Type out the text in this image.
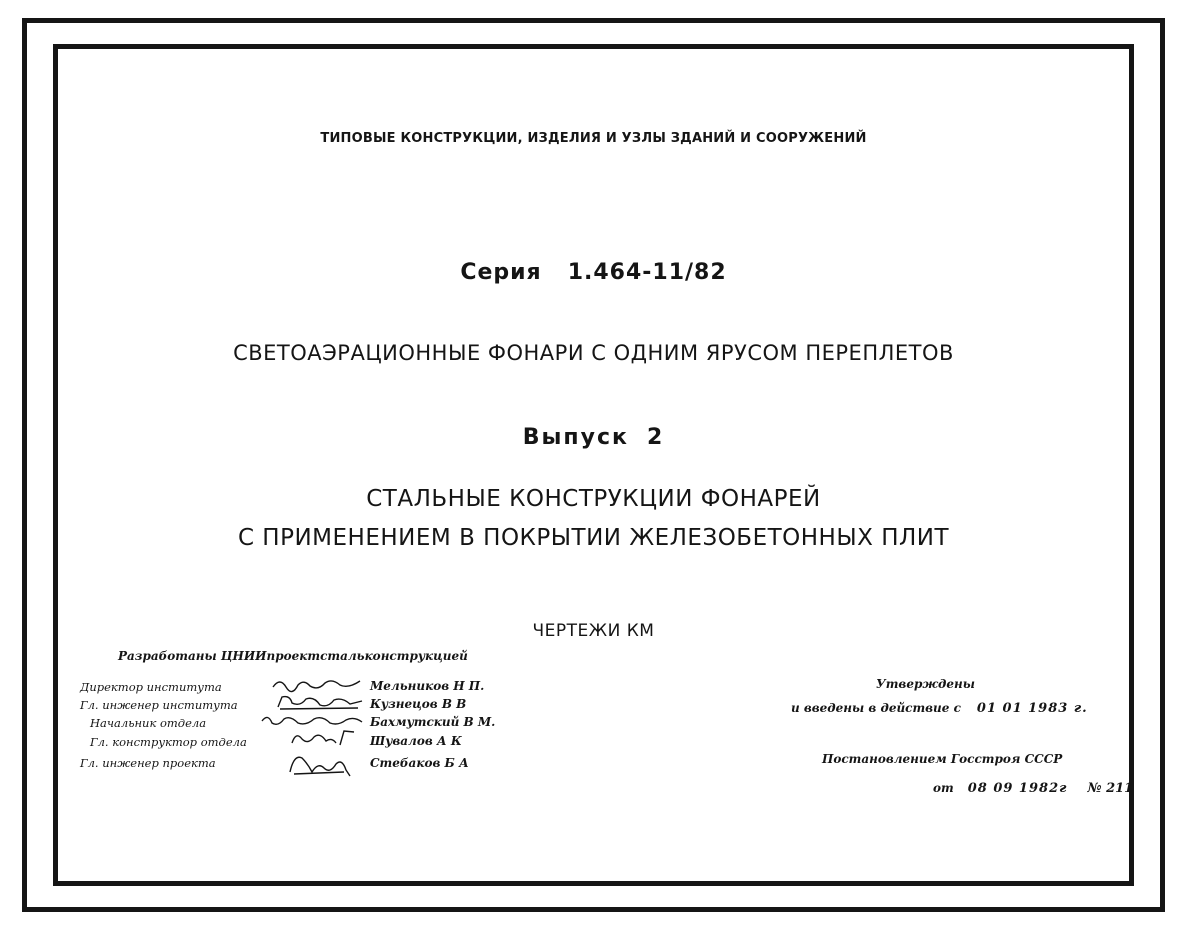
ТИПОВЫЕ КОНСТРУКЦИИ, ИЗДЕЛИЯ И УЗЛЫ ЗДАНИЙ И СООРУЖЕНИЙ
Серия 1.464-11/82
СВЕТОАЭРАЦИОННЫЕ ФОНАРИ С ОДНИМ ЯРУСОМ ПЕРЕПЛЕТОВ
Выпуск 2
СТАЛЬНЫЕ КОНСТРУКЦИИ ФОНАРЕЙ
С ПРИМЕНЕНИЕМ В ПОКРЫТИИ ЖЕЛЕЗОБЕТОННЫХ ПЛИТ
ЧЕРТЕЖИ КМ
Разработаны ЦНИИпроектстальконструкцией
Директор института	Мельников Н П.
Гл. инженер института	Кузнецов В В
Начальник отдела	Бахмутский В М.
Гл. конструктор отдела	Шувалов А К
Гл. инженер проекта	Стебаков Б А
Утверждены
и введены в действие с 01 01 1983 г.
Постановлением Госстроя СССР
от 08 09 1982г № 211
